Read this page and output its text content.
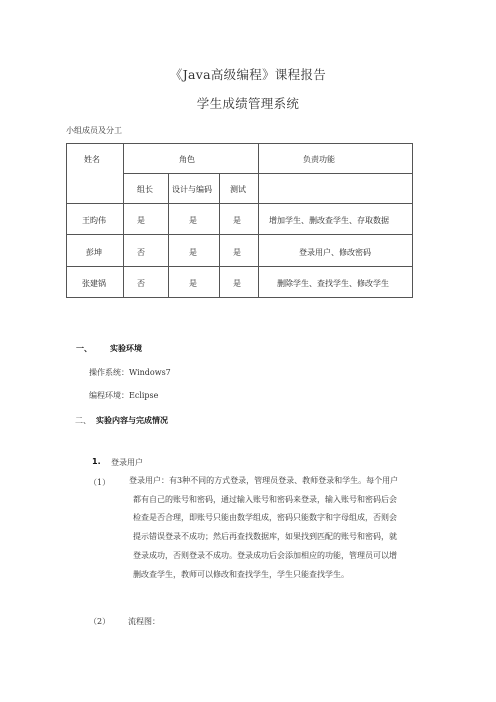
《Java高级编程》课程报告
学生成绩管理系统
小组成员及分工
姓名	角色	负责功能
组长 设计与编码 测试
王昀伟	是	是	是	增加学生、删改查学生、存取数据
彭坤	否	是	是	登录用户、修改密码
张建锅	否	是	是	删除学生、查找学生、修改学生
一、 实验环境
操作系统：Windows7
编程环境：Eclipse
二、 实验内容与完成情况
1. 登录用户
（1） 登录用户：有3种不同的方式登录，管理员登录、教师登录和学生。每个用户
都有自己的账号和密码，通过输入账号和密码来登录，输入账号和密码后会
检查是否合理，即账号只能由数学组成，密码只能数字和字母组成，否则会
提示错误登录不成功；然后再查找数据库，如果找到匹配的账号和密码，就
登录成功，否则登录不成功。登录成功后会添加相应的功能，管理员可以增
删改查学生，教师可以修改和查找学生，学生只能查找学生。
（2） 流程图：
